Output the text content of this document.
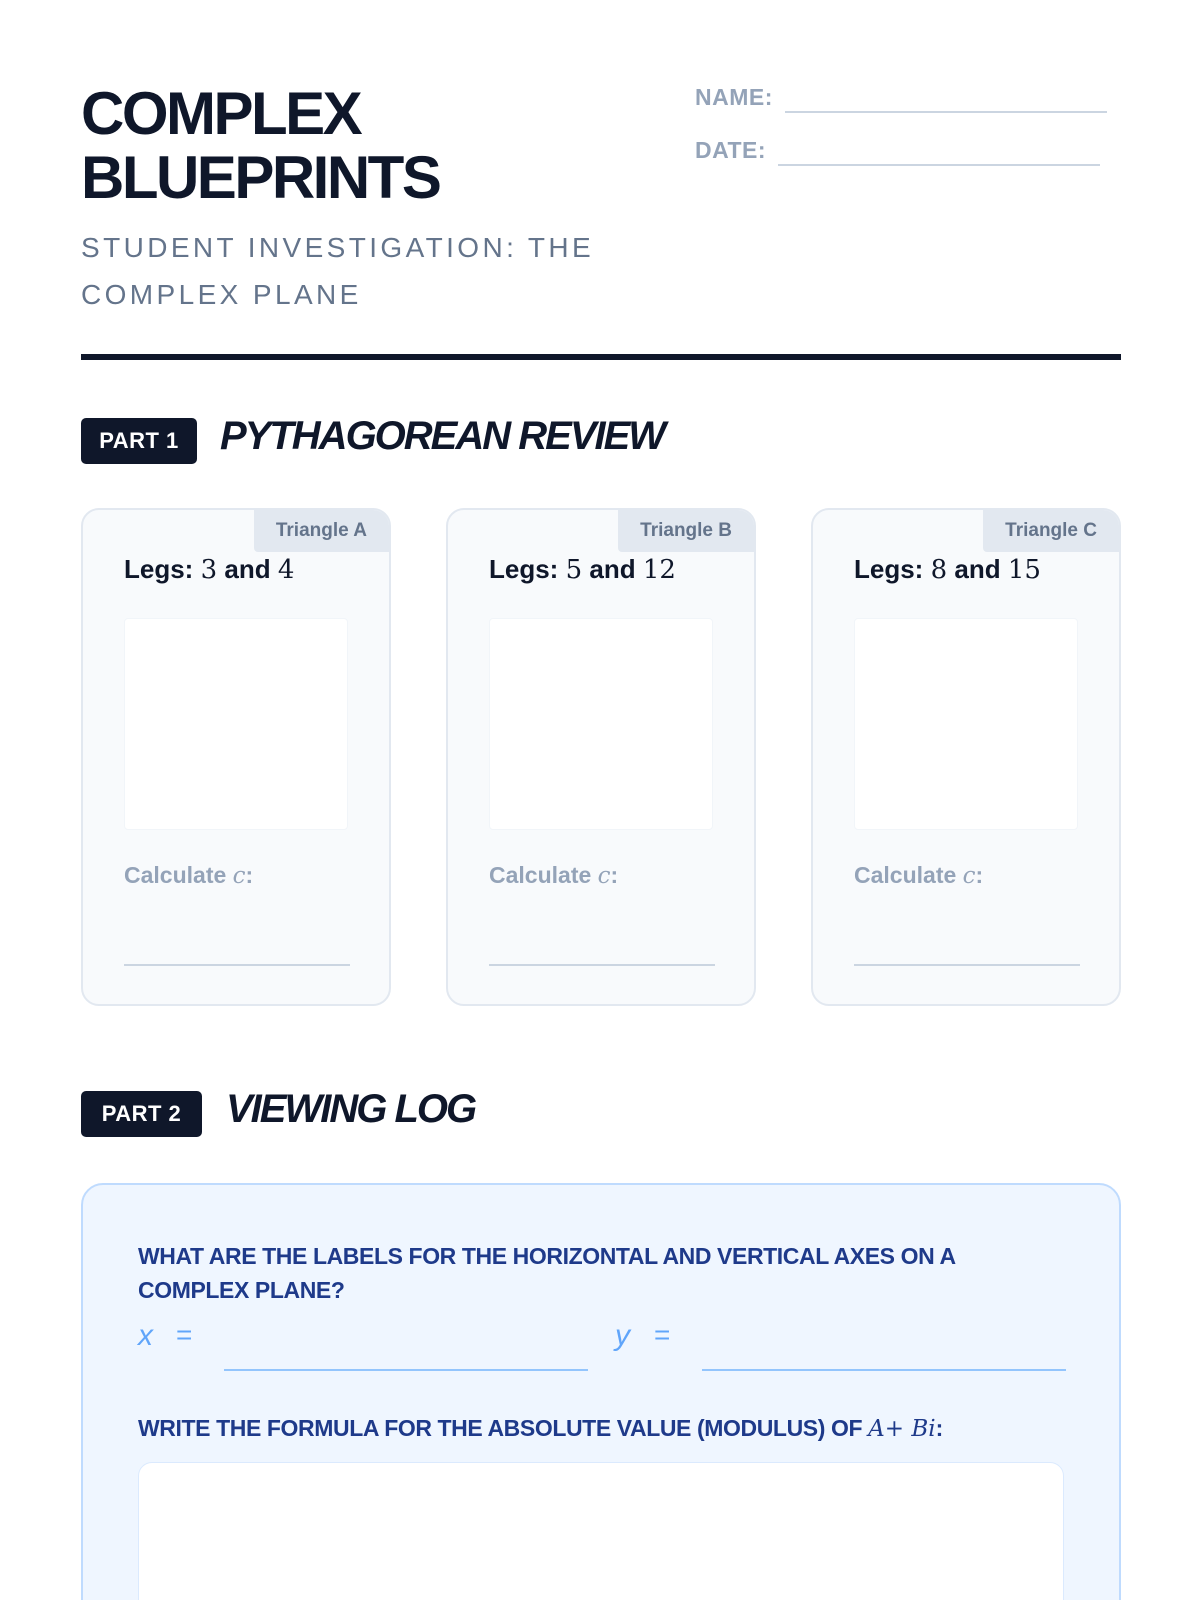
COMPLEX
BLUEPRINTS
STUDENT INVESTIGATION: THE COMPLEX PLANE
NAME:
DATE:
PART 1	PYTHAGOREAN REVIEW
Triangle A
Legs: 3 and 4
Calculate c:
Triangle B
Legs: 5 and 12
Calculate c:
Triangle C
Legs: 8 and 15
Calculate c:
PART 2	VIEWING LOG
WHAT ARE THE LABELS FOR THE HORIZONTAL AND VERTICAL AXES ON A COMPLEX PLANE?
x =	y =
WRITE THE FORMULA FOR THE ABSOLUTE VALUE (MODULUS) OF A+ Bi:
